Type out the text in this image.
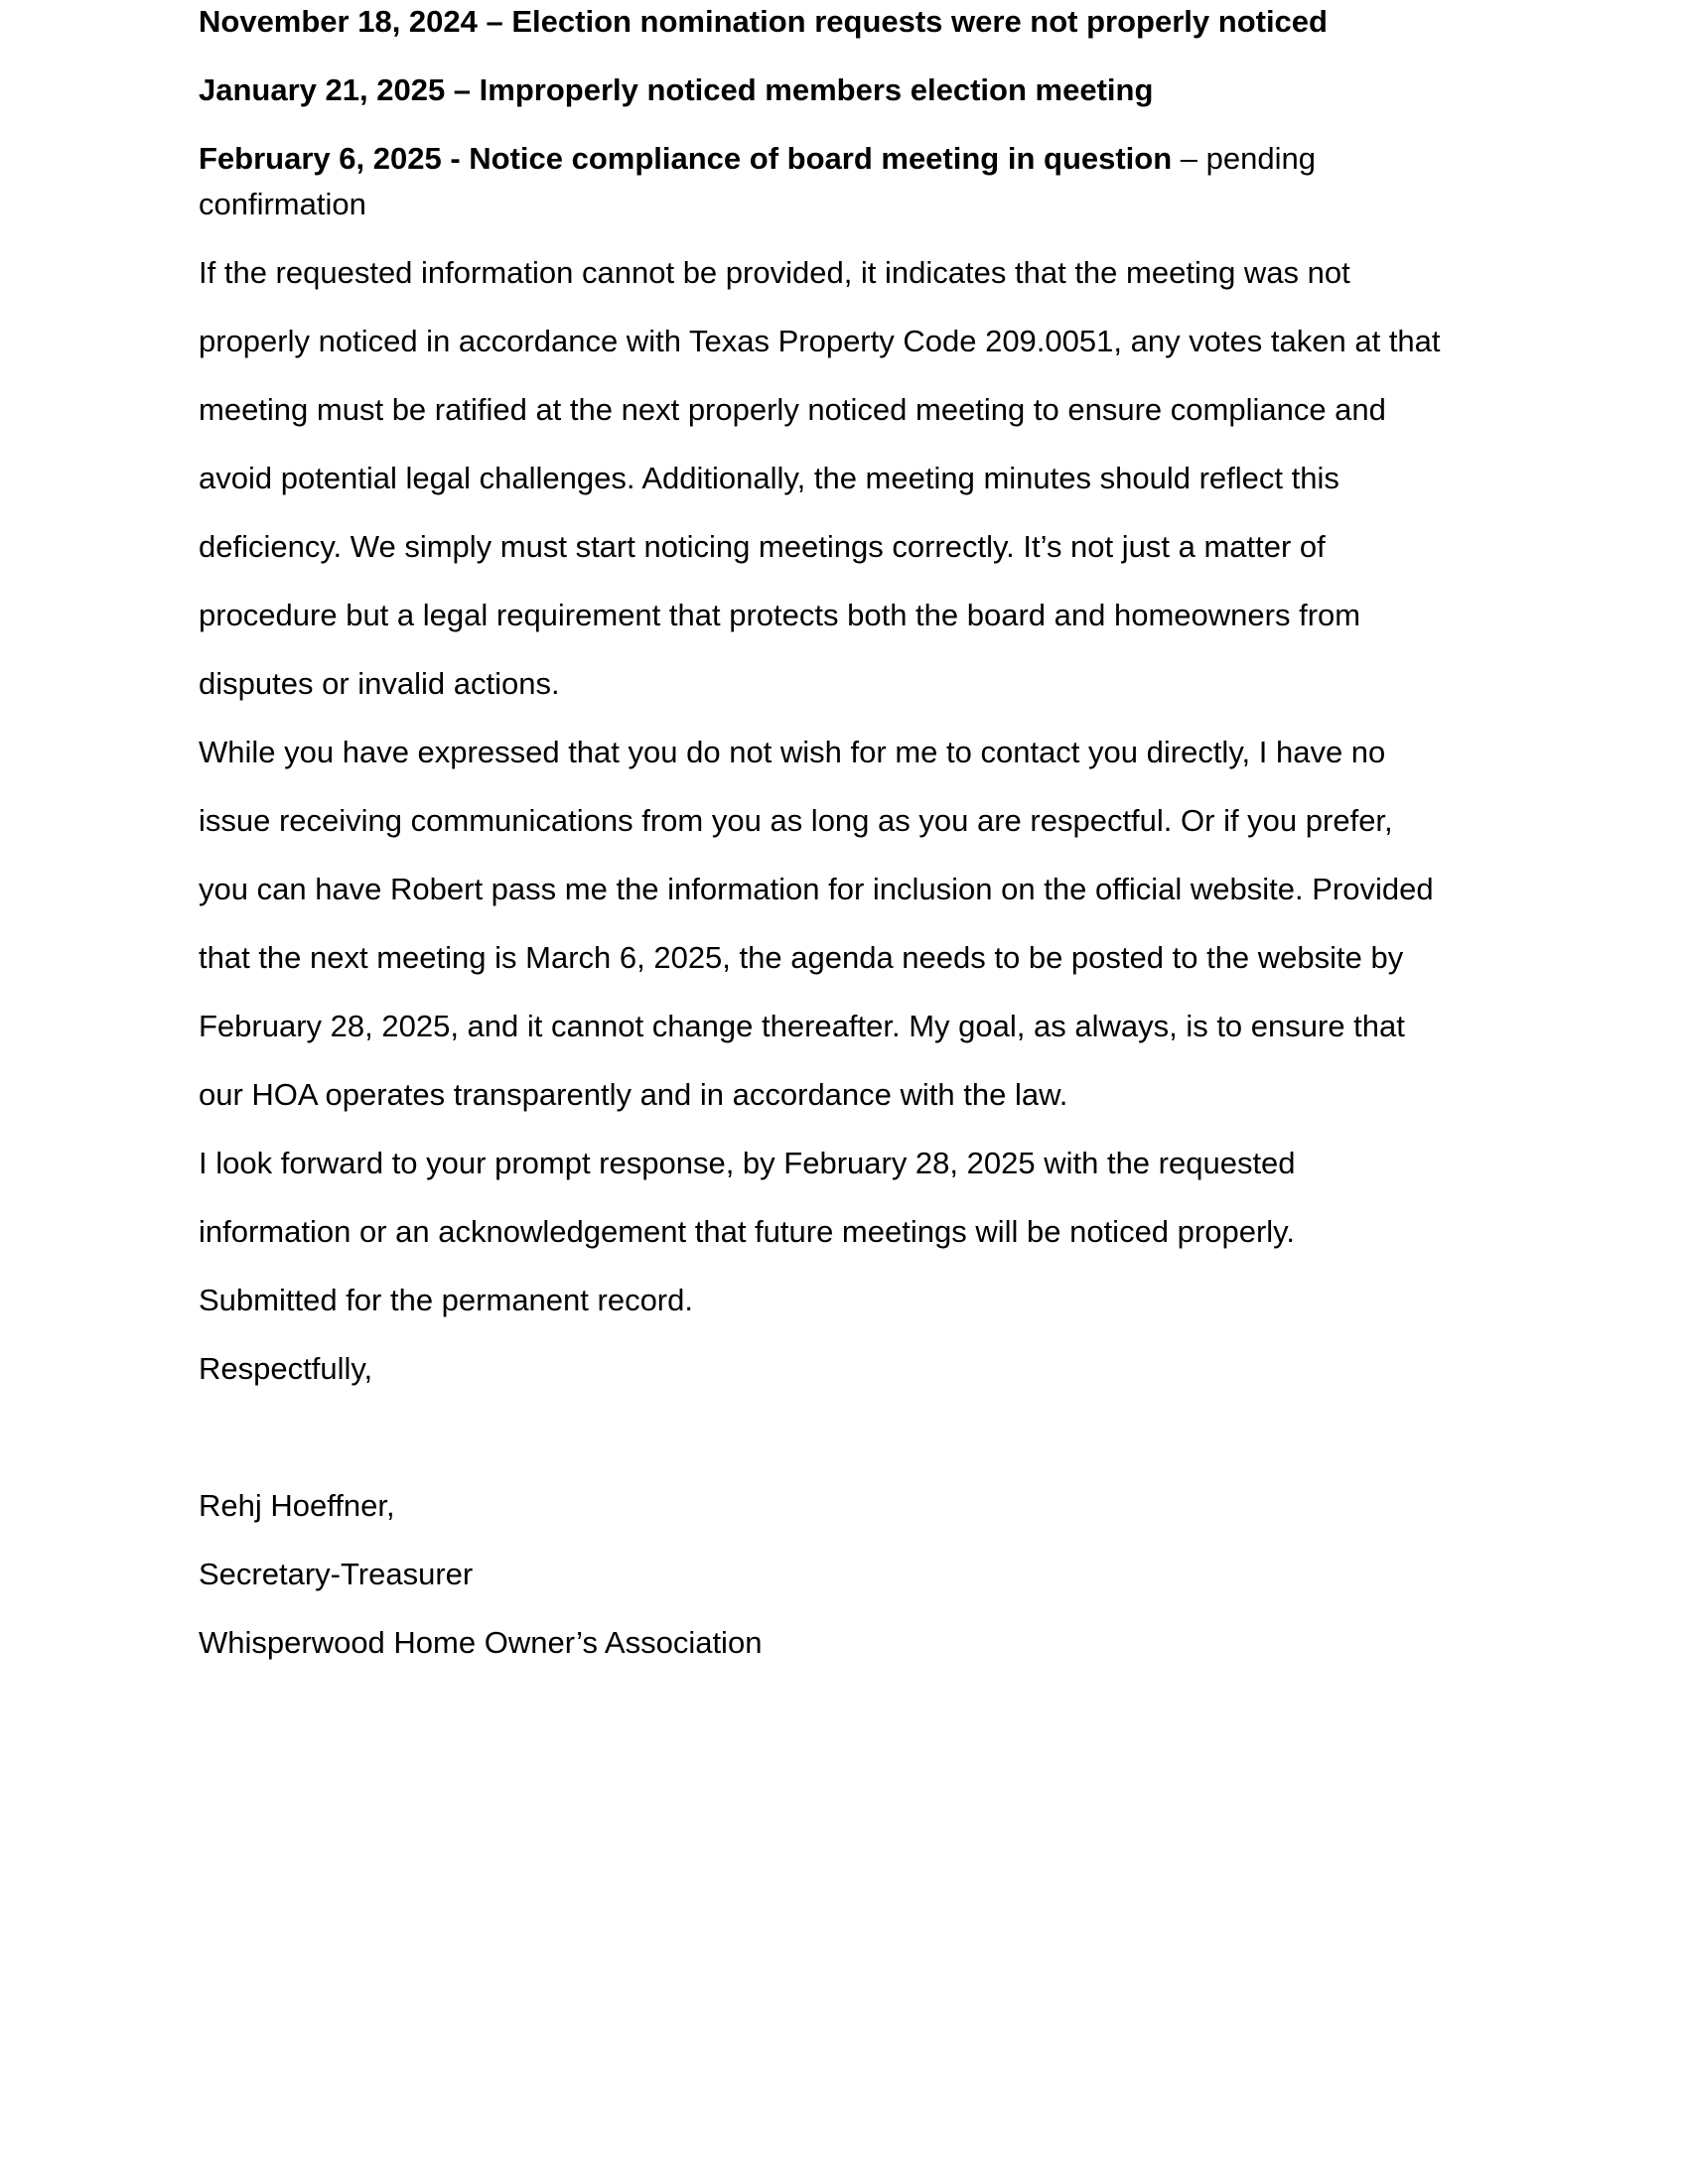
November 18, 2024 – Election nomination requests were not properly noticed
January 21, 2025 – Improperly noticed members election meeting
February 6, 2025 - Notice compliance of board meeting in question – pending
confirmation
If the requested information cannot be provided, it indicates that the meeting was not
properly noticed in accordance with Texas Property Code 209.0051, any votes taken at that
meeting must be ratified at the next properly noticed meeting to ensure compliance and
avoid potential legal challenges. Additionally, the meeting minutes should reflect this
deficiency. We simply must start noticing meetings correctly. It’s not just a matter of
procedure but a legal requirement that protects both the board and homeowners from
disputes or invalid actions.
While you have expressed that you do not wish for me to contact you directly, I have no
issue receiving communications from you as long as you are respectful. Or if you prefer,
you can have Robert pass me the information for inclusion on the official website. Provided
that the next meeting is March 6, 2025, the agenda needs to be posted to the website by
February 28, 2025, and it cannot change thereafter. My goal, as always, is to ensure that
our HOA operates transparently and in accordance with the law.
I look forward to your prompt response, by February 28, 2025 with the requested
information or an acknowledgement that future meetings will be noticed properly.
Submitted for the permanent record.
Respectfully,
Rehj Hoeffner,
Secretary-Treasurer
Whisperwood Home Owner’s Association
